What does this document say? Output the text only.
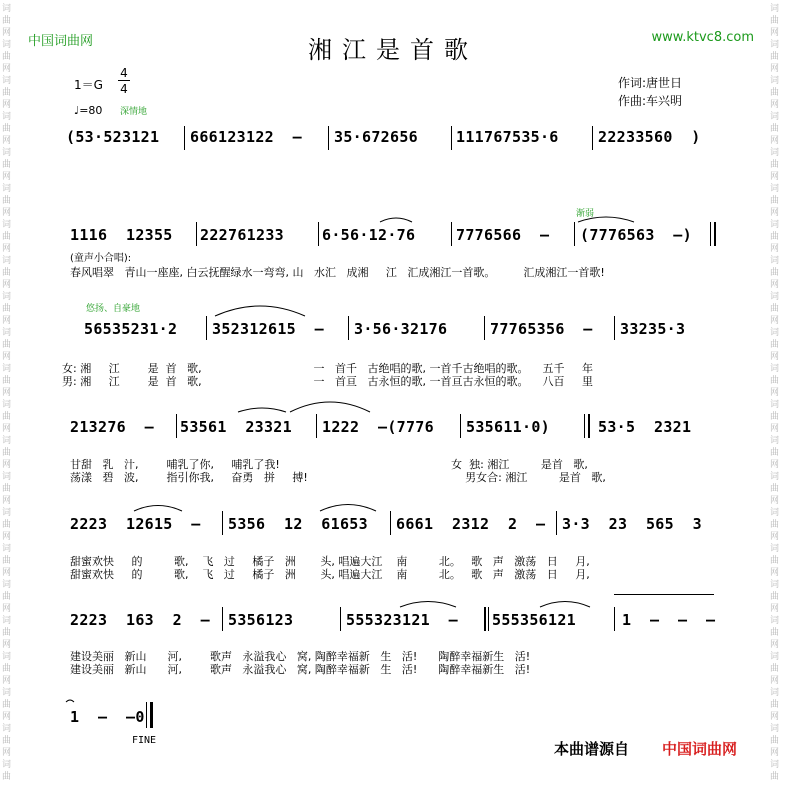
词
曲
网
词
曲
网
词
曲
网
词
曲
网
词
曲
网
词
曲
网
词
曲
网
词
曲
网
词
曲
网
词
曲
网
词
曲
网
词
曲
网
词
曲
网
词
曲
网
词
曲
网
词
曲
网
词
曲
网
词
曲
网
词
曲
网
词
曲
网
词
曲
网
词
曲
词
曲
网
词
曲
网
词
曲
网
词
曲
网
词
曲
网
词
曲
网
词
曲
网
词
曲
网
词
曲
网
词
曲
网
词
曲
网
词
曲
网
词
曲
网
词
曲
网
词
曲
网
词
曲
网
词
曲
网
词
曲
网
词
曲
网
词
曲
网
词
曲
网
词
曲
中国词曲网	www.ktvc8.com
湘江是首歌
作词:唐世日
作曲:车兴明
1＝G
4
4
♩=80 深情地
(53·523121 666123122  – 35·672656	111767535·6	22233560  )
渐弱
1116  12355 222761233	6·56·12·76	7776566  – (7776563  –)
(童声小合唱):
春风唱翠   青山一座座, 白云抚醒绿水一弯弯, 山   水汇   成湘     江   汇成湘江一首歌。        汇成湘江一首歌!
悠扬、自豪地
56535231·2 352312615  – 3·56·32176	77765356  – 33235·3
女: 湘     江        是  首   歌,                                一   首千   古绝唱的歌, 一首千古绝唱的歌。    五千     年
男: 湘     江        是  首   歌,                                一   首亘   古永恒的歌, 一首亘古永恒的歌。    八百     里
213276  – 53561  23321 1222  –(7776 535611·0)	53·5  2321
甘甜   乳   汁,        哺乳了你,     哺乳了我!                                                 女  独: 湘江         是首   歌,
荡漾   碧   波,        指引你我,     奋勇   拼     搏!                                             男女合: 湘江         是首   歌,
2223  12615  – 5356  12  61653 6661  2312  2  – 3·3  23  565  3
甜蜜欢快     的         歌,    飞   过     橘子   洲       头, 唱遍大江    南         北。   歌   声   激荡   日     月,
甜蜜欢快     的         歌,    飞   过     橘子   洲       头, 唱遍大江    南         北。   歌   声   激荡   日     月,
2223  163  2  – 5356123	555323121  – 555356121	1  –  –  –
建设美丽   新山      河,        歌声   永溢我心   窝, 陶醉幸福新   生   活!      陶醉幸福新生   活!
建设美丽   新山      河,        歌声   永溢我心   窝, 陶醉幸福新   生   活!      陶醉幸福新生   活!
1  –  –0
FINE	本曲谱源自 中国词曲网
